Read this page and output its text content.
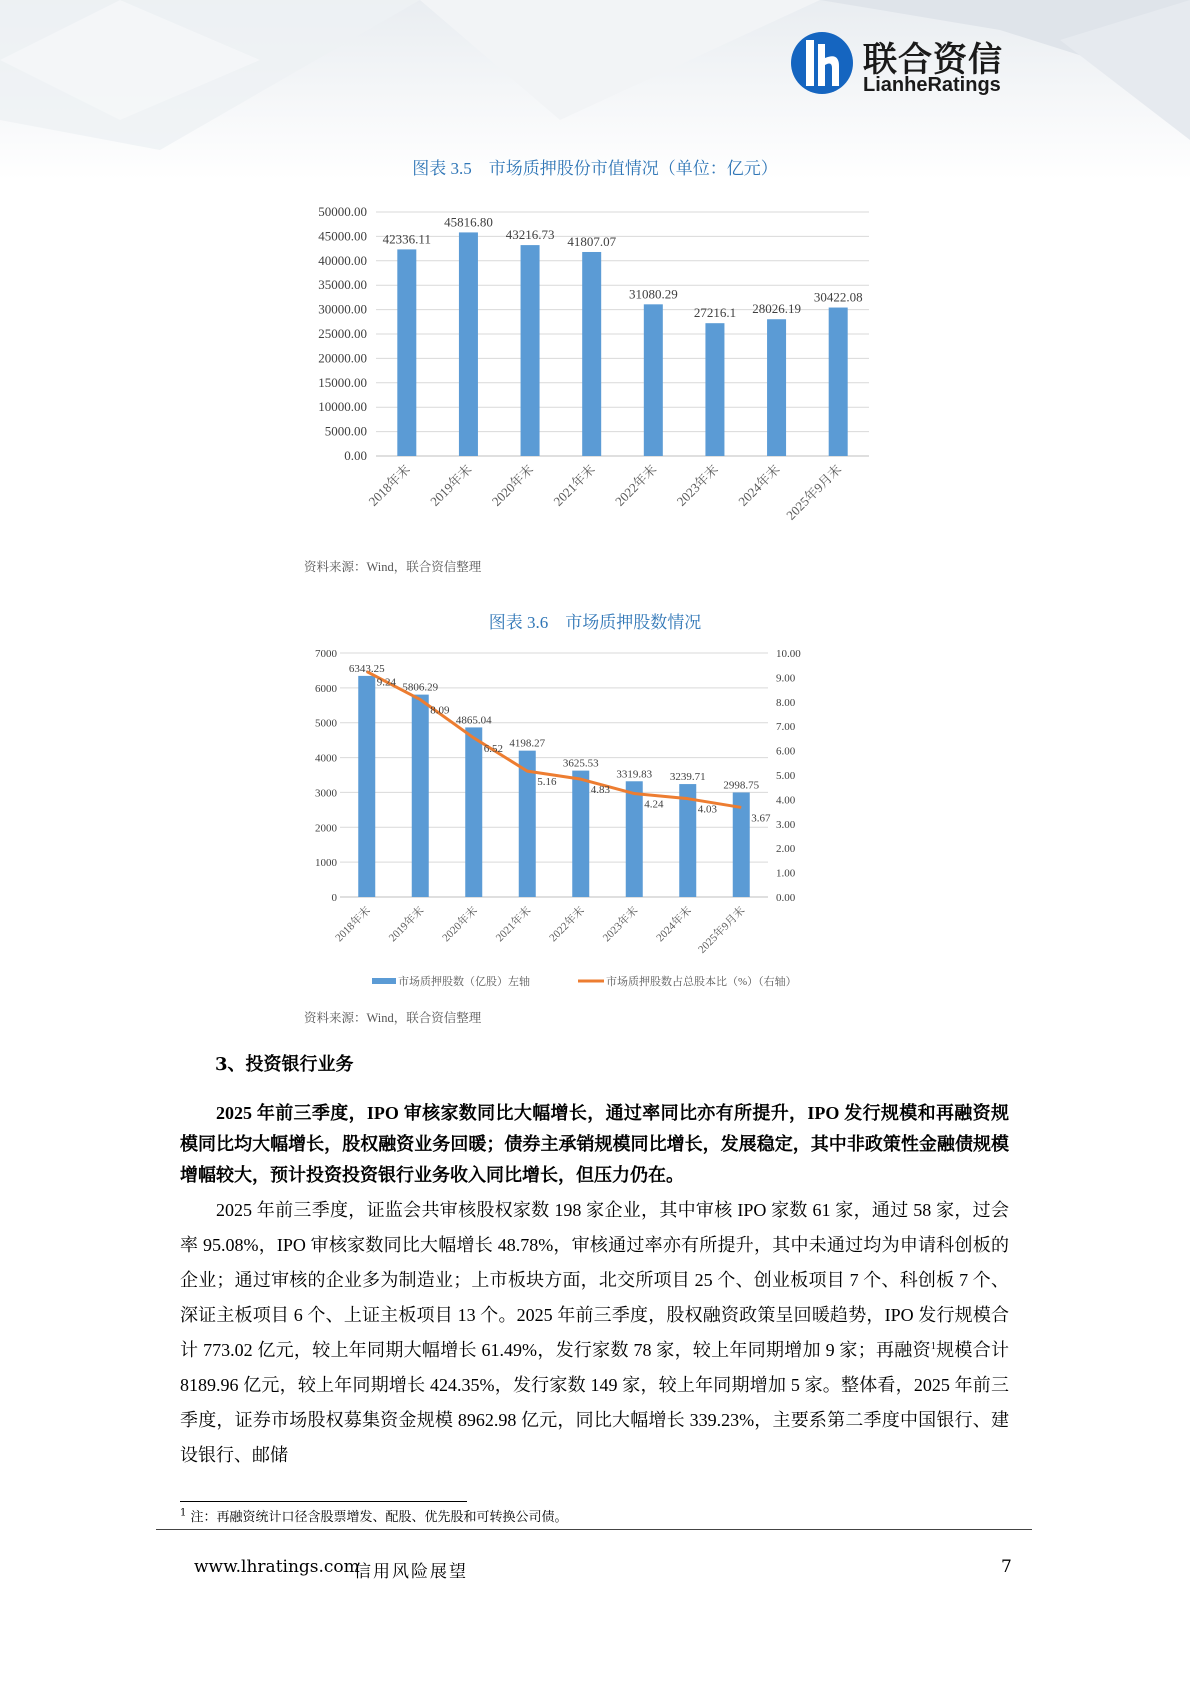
联合资信
LianheRatings
图表 3.5　市场质押股份市值情况（单位：亿元）
0.00
5000.00
10000.00
15000.00
20000.00
25000.00
30000.00
35000.00
40000.00
45000.00
50000.00
42336.11
2018年末
45816.80
2019年末
43216.73
2020年末
41807.07
2021年末
31080.29
2022年末
27216.1
2023年末
28026.19
2024年末
30422.08
2025年9月末
资料来源：Wind，联合资信整理
图表 3.6　市场质押股数情况
0
1000
2000
3000
4000
5000
6000
7000
0.00
1.00
2.00
3.00
4.00
5.00
6.00
7.00
8.00
9.00
10.00
6343.25
2018年末
5806.29
2019年末
4865.04
2020年末
4198.27
2021年末
3625.53
2022年末
3319.83
2023年末
3239.71
2024年末
2998.75
2025年9月末
9.24
8.09
6.52
5.16
4.83
4.24	4.03
3.67
市场质押股数（亿股）左轴	市场质押股数占总股本比（%）（右轴）
资料来源：Wind，联合资信整理
3、投资银行业务
2025 年前三季度，IPO 审核家数同比大幅增长，通过率同比亦有所提升，IPO 发行规模和再融资规模同比均大幅增长，股权融资业务回暖；债券主承销规模同比增长，发展稳定，其中非政策性金融债规模增幅较大，预计投资投资银行业务收入同比增长，但压力仍在。
2025 年前三季度，证监会共审核股权家数 198 家企业，其中审核 IPO 家数 61 家，通过 58 家，过会率 95.08%，IPO 审核家数同比大幅增长 48.78%，审核通过率亦有所提升，其中未通过均为申请科创板的企业；通过审核的企业多为制造业；上市板块方面，北交所项目 25 个、创业板项目 7 个、科创板 7 个、深证主板项目 6 个、上证主板项目 13 个。2025 年前三季度，股权融资政策呈回暖趋势，IPO 发行规模合计 773.02 亿元，较上年同期大幅增长 61.49%，发行家数 78 家，较上年同期增加 9 家；再融资$^1$规模合计 8189.96 亿元，较上年同期增长 424.35%，发行家数 149 家，较上年同期增加 5 家。整体看，2025 年前三季度，证券市场股权募集资金规模 8962.98 亿元，同比大幅增长 339.23%，主要系第二季度中国银行、建设银行、邮储
$^1$ 注：再融资统计口径含股票增发、配股、优先股和可转换公司债。
www.lhratings.com
信用风险展望	7
